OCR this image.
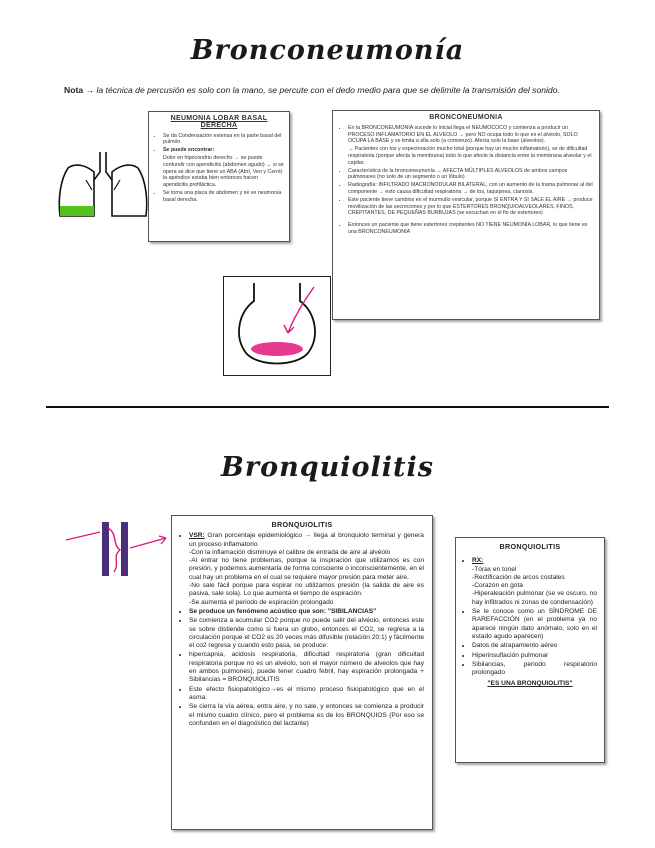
Bronconeumonía
Nota → la técnica de percusión es solo con la mano, se percute con el dedo medio para que se delimite la transmisión del sonido.
NEUMONIA LOBAR BASAL DERECHA
• Se da Condensación extensa en la parte basal del pulmón
• Se puede encontrar:
Dolor en hipocondrio derecho → se puede confundir con apendicitis (abdomen agudo) → si se opera se dice que tiene un ABA (Abrí, Veo y Cerré) la apéndice estaba bien entonces hacen apendicitis profiláctica.
• Se toma una placa de abdomen y se ve neumonía basal derecha.
BRONCONEUMONIA
• En la BRONCONEUMONIA sucede lo inicial llega el NEUMOCOCO y comienza a producir un PROCESO INFLAMATORIO EN EL ALVEOLO → pero NO ocupa todo lo que es el alvéolo, SOLO OCUPA LA BASE y se limita a ella solo (a comienzo). Afecta solo la base (alveolos).
→ Pacientes con tos y expectoración mucho total (porque hay un mucho inflamatorio), se de dificultad respiratoria (porque afecta la membrana) todo lo que afecte la distancia entre la membrana alveolar y el capilar.
• Característica de la bronconeumonía → AFECTA MÚLTIPLES ALVEOLOS de ambos campos pulmonares (no solo de un segmento o un lóbulo)
• Radiografía: INFILTRADO MACRONODULAR BILATERAL, con un aumento de la trama pulmonar al del componente → esto causa dificultad respiratoria → de tos, taquipnea, cianosis.
• Este paciente tiene cambios en el murmullo vesicular, porque SI ENTRA Y SI SALE EL AIRE → produce movilización de las secreciones y por lo que ESTERTORES BRONQUIOALVEOLARES, FINOS, CREPITANTES, DE PEQUEÑAS BURBUJAS (se escuchan en el fin de estertores)
• Entonces un paciente que tiene estertores crepitantes NO TIENE NEUMONÍA LOBAR, lo que tiene es una BRONCONEUMONÍA
Bronquiolitis
BRONQUIOLITIS
• VSR: Gran porcentaje epidemiológico → llega al bronquiolo terminal y genera un proceso inflamatorio
-Con la inflamación disminuye el calibre de entrada de aire al alvéolo
-Al entrar no tiene problemas, porque la inspiración que utilizamos es con presión, y podemos aumentarla de forma consciente o inconscientemente, en el cual hay un problema en el cual se requiere mayor presión para meter aire.
-No sale fácil porque para espirar no utilizamos presión (la salida de aire es pasiva, sale sola). Lo que aumenta el tiempo de espiración.
-Se aumenta el periodo de espiración prolongado
• Se produce un fenómeno acústico que son: "SIBILANCIAS"
• Se comienza a acumular CO2 porque no puede salir del alvéolo, entonces este se sobre distiende como si fuera un globo, entonces el CO2, se regresa a la circulación porque el CO2 es 20 veces más difusible (relación 20:1) y fácilmente el co2 regresa y cuando esto pasa, se produce:
• hipercapnia, acidosis respiratoria, dificultad respiratoria (gran dificultad respiratoria porque no es un alvéolo, son el mayor número de alveolos que hay en ambos pulmones), puede tener cuadro febril, hay espiración prolongada + Sibilancias = BRONQUIOLITIS
• Este efecto fisiopatológico→es el mismo proceso fisiopatológico que en el asma:
• Se cierra la vía aérea, entra aire, y no sale, y entonces se comienza a producir el mismo cuadro clínico, pero el problema es de los BRONQUIOS (Por eso se confunden en el diagnóstico del lactante)
BRONQUIOLITIS
• RX:
-Tórax en tonel
-Rectificación de arcos costales
-Corazón en gota
-Hiperaleación pulmonar (se ve oscuro, no hay infiltrados ni zonas de condensación)
• Se le conoce como un SÍNDROME DE RAREFACCIÓN (en el problema ya no aparece ningún dato anómalo, solo en el estado agudo aparecen)
• Datos de atrapamiento aéreo
• Hiperinsuflación pulmonar
• Sibilancias, periodo respiratorio prolongado
"ES UNA BRONQUIOLITIS"
